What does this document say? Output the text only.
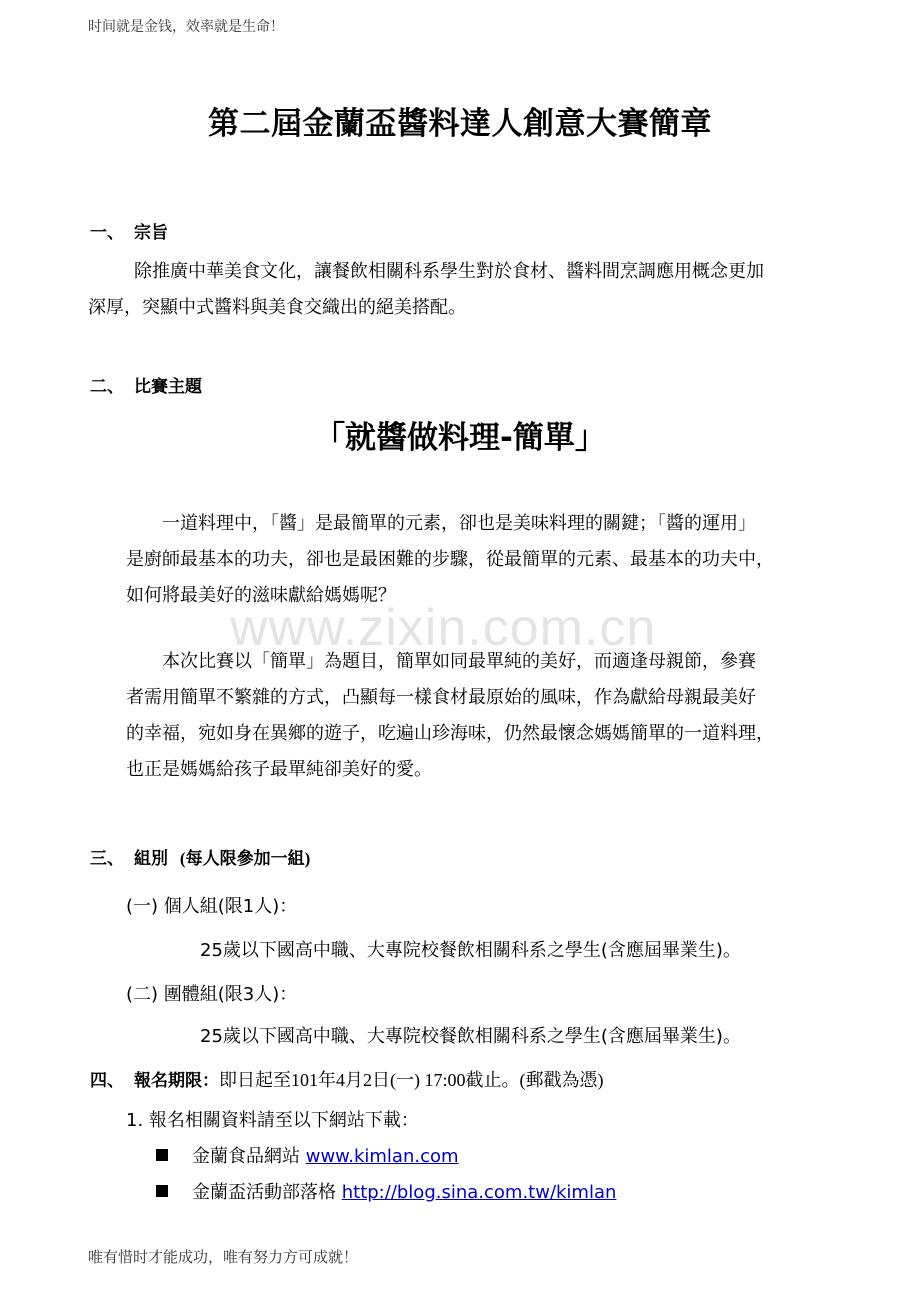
时间就是金钱，效率就是生命！
www.zixin.com.cn
第二屆金蘭盃醬料達人創意大賽簡章
一、 宗旨

除推廣中華美食文化，讓餐飲相關科系學生對於食材、醬料間烹調應用概念更加

深厚，突顯中式醬料與美食交織出的絕美搭配。

二、 比賽主題
「就醬做料理-簡單」

一道料理中，「醬」是最簡單的元素，卻也是美味料理的關鍵；「醬的運用」

是廚師最基本的功夫，卻也是最困難的步驟，從最簡單的元素、最基本的功夫中，

如何將最美好的滋味獻給媽媽呢？

本次比賽以「簡單」為題目，簡單如同最單純的美好，而適逢母親節，參賽

者需用簡單不繁雜的方式，凸顯每一樣食材最原始的風味，作為獻給母親最美好

的幸福，宛如身在異鄉的遊子，吃遍山珍海味，仍然最懷念媽媽簡單的一道料理，

也正是媽媽給孩子最單純卻美好的愛。

三、 組別 (每人限參加一組)
(一) 個人組(限1人)：
25歲以下國高中職、大專院校餐飲相關科系之學生(含應屆畢業生)。
(二) 團體組(限3人)：
25歲以下國高中職、大專院校餐飲相關科系之學生(含應屆畢業生)。
四、 報名期限：即日起至101年4月2日(一) 17:00截止。(郵戳為憑)
1. 報名相關資料請至以下網站下載：
金蘭食品網站 www.kimlan.com
金蘭盃活動部落格 http://blog.sina.com.tw/kimlan
唯有惜时才能成功，唯有努力方可成就！
